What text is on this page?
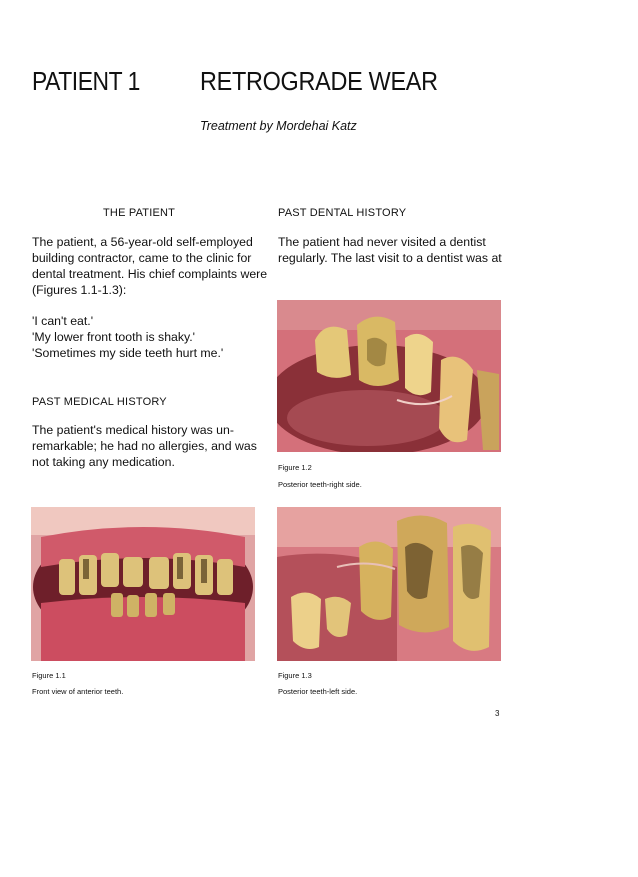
PATIENT 1 RETROGRADE WEAR
Treatment by Mordehai Katz
THE PATIENT

The patient, a 56-year-old self-employed

building contractor, came to the clinic for

dental treatment. His chief complaints were

(Figures 1.1-1.3):

'I can't eat.'

'My lower front tooth is shaky.'

'Sometimes my side teeth hurt me.'

PAST MEDICAL HISTORY

The patient's medical history was un-

remarkable; he had no allergies, and was

not taking any medication.

PAST DENTAL HISTORY

The patient had never visited a dentist

regularly. The last visit to a dentist was at

Figure 1.2
Posterior teeth-right side.
Figure 1.1
Front view of anterior teeth.
Figure 1.3
Posterior teeth-left side.
3
